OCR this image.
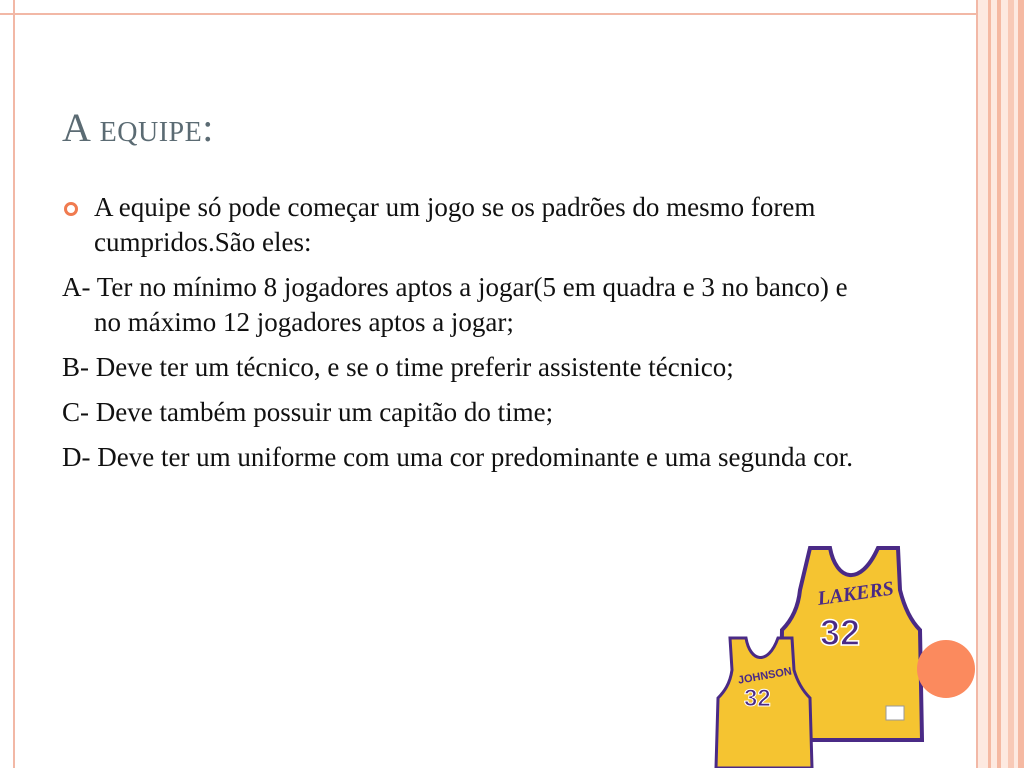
A equipe:
A equipe só pode começar um jogo se os padrões do mesmo forem cumpridos.São eles:
A- Ter no mínimo 8 jogadores aptos a jogar(5 em quadra e 3 no banco) e no máximo 12 jogadores aptos a jogar;
B- Deve ter um técnico, e se o time preferir assistente técnico;
C- Deve também possuir um capitão do time;
D- Deve ter um uniforme com uma cor predominante e uma segunda cor.
LAKERS
32
JOHNSON
32
